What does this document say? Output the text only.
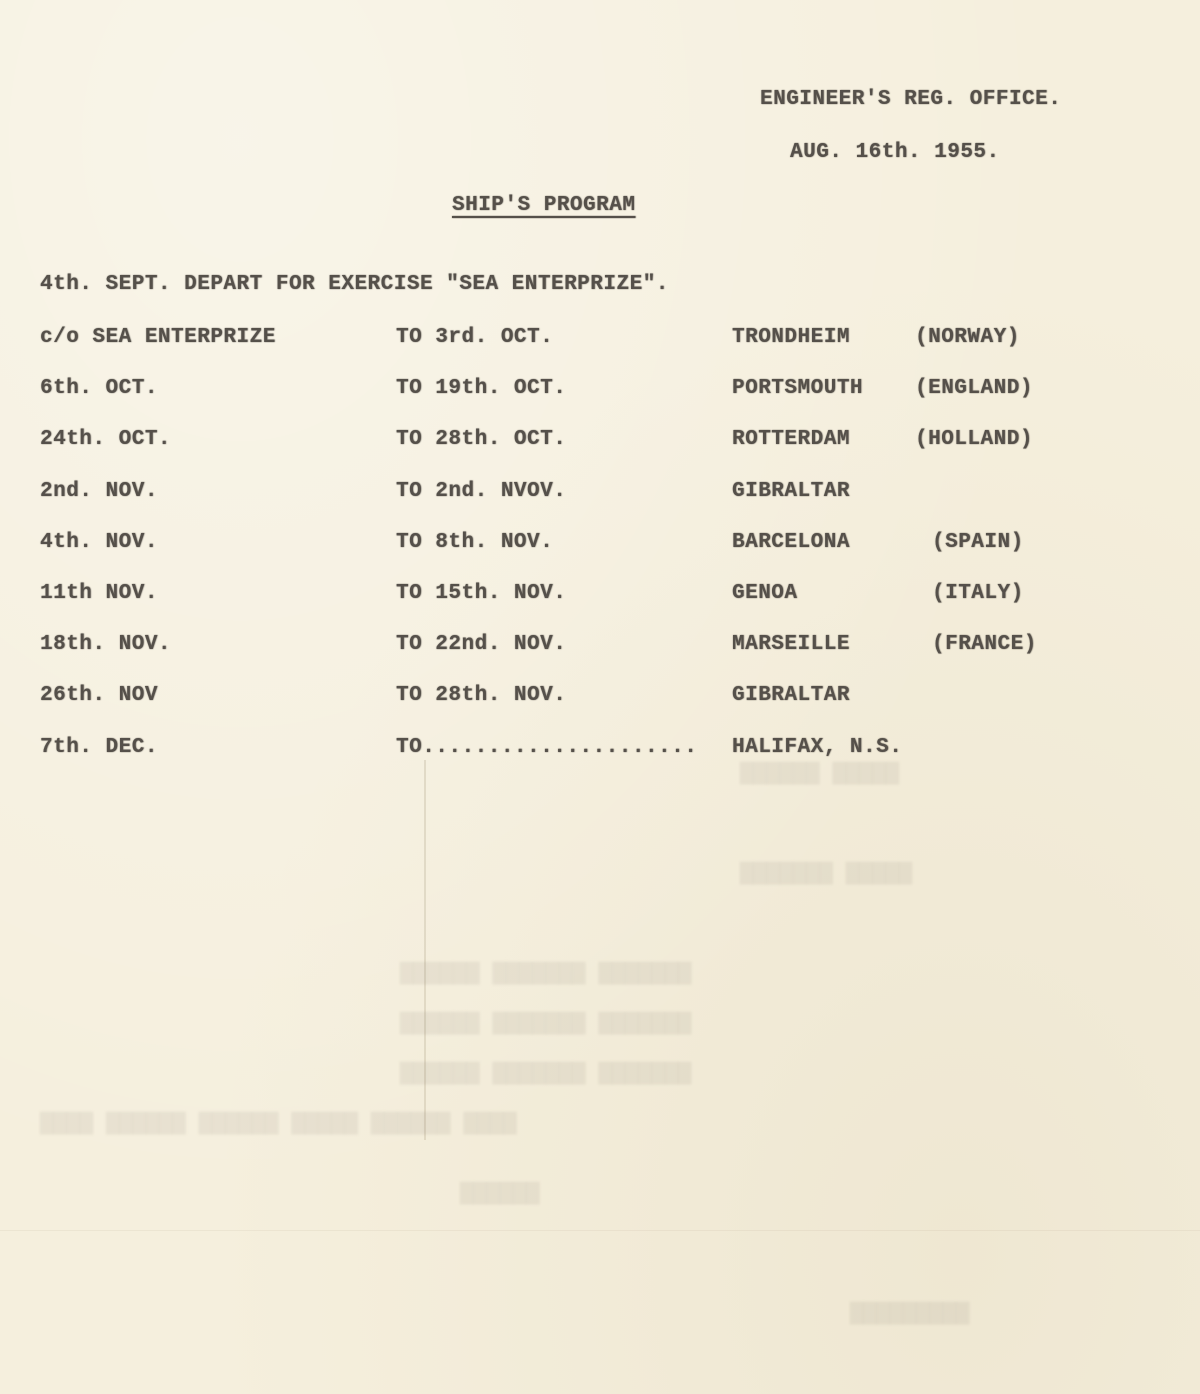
▇▇▇▇▇▇ ▇▇▇▇▇
▇▇▇▇▇▇▇ ▇▇▇▇▇
▇▇▇▇▇▇ ▇▇▇▇▇▇▇ ▇▇▇▇▇▇▇
▇▇▇▇▇▇ ▇▇▇▇▇▇▇ ▇▇▇▇▇▇▇
▇▇▇▇▇▇ ▇▇▇▇▇▇▇ ▇▇▇▇▇▇▇
▇▇▇▇ ▇▇▇▇▇▇ ▇▇▇▇▇▇ ▇▇▇▇▇ ▇▇▇▇▇▇ ▇▇▇▇
▇▇▇▇▇▇
▇▇▇▇▇▇▇▇▇
ENGINEER'S REG. OFFICE.
AUG. 16th. 1955.
SHIP'S PROGRAM
4th. SEPT. DEPART FOR EXERCISE "SEA ENTERPRIZE".
c/o SEA ENTERPRIZE	TO 3rd. OCT.	TRONDHEIM	(NORWAY)
6th. OCT.	TO 19th. OCT.	PORTSMOUTH (ENGLAND)
24th. OCT.	TO 28th. OCT.	ROTTERDAM	(HOLLAND)
2nd. NOV.	TO 2nd. NVOV.	GIBRALTAR
4th. NOV.	TO 8th. NOV.	BARCELONA	(SPAIN)
11th NOV.	TO 15th. NOV.	GENOA	(ITALY)
18th. NOV.	TO 22nd. NOV.	MARSEILLE	(FRANCE)
26th. NOV	TO 28th. NOV.	GIBRALTAR
7th. DEC.	TO..................... HALIFAX, N.S.
